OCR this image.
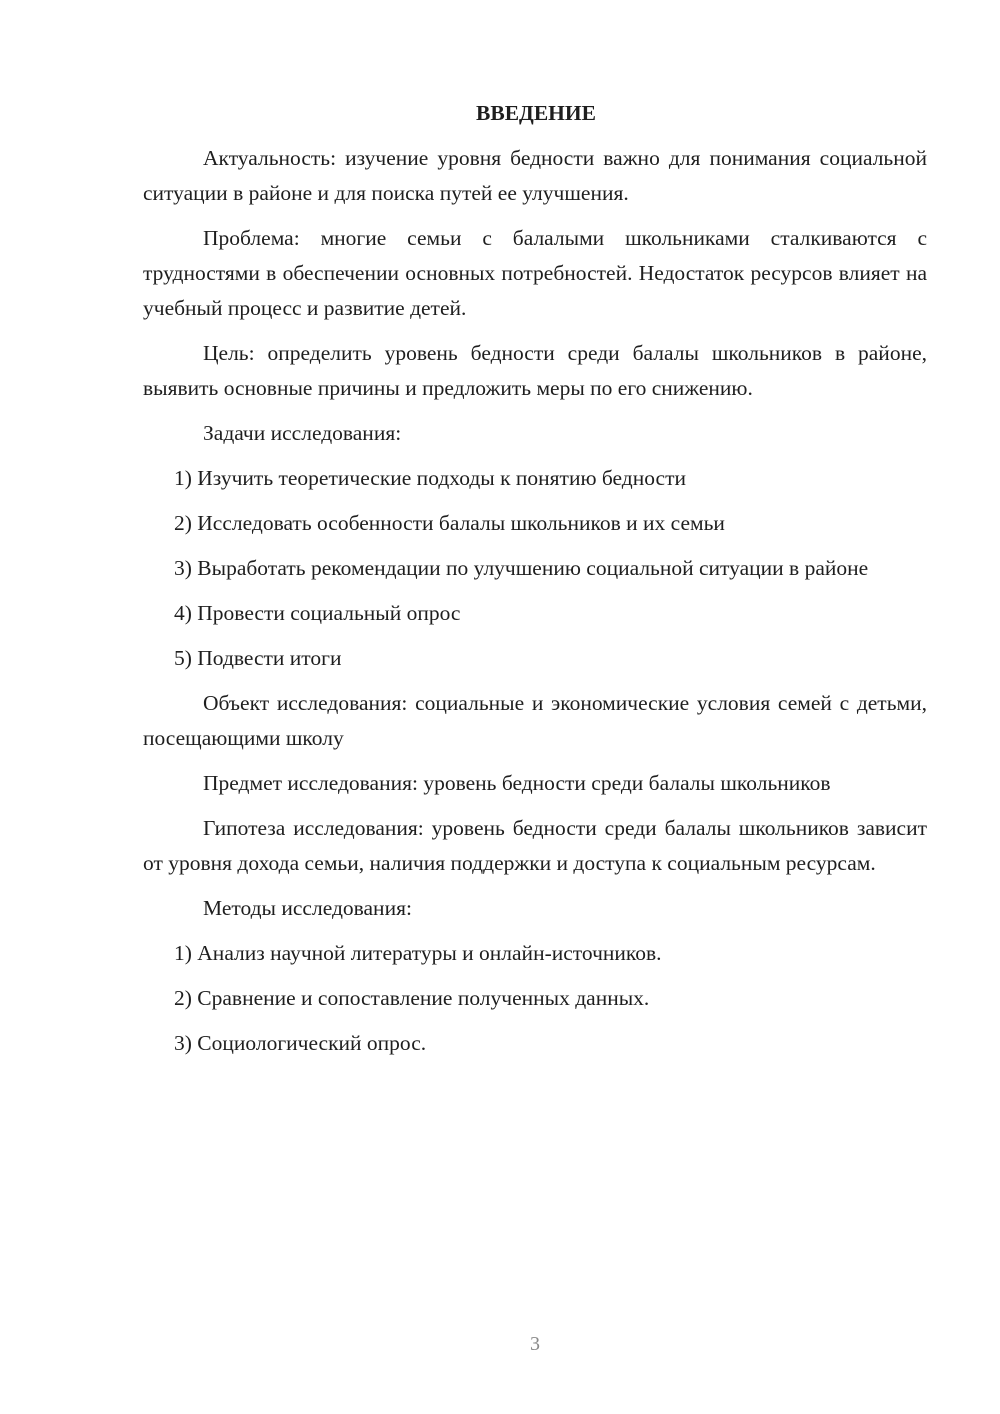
ВВЕДЕНИЕ

Актуальность: изучение уровня бедности важно для понимания социальной ситуации в районе и для поиска путей ее улучшения.

Проблема: многие семьи с балалыми школьниками сталкиваются с трудностями в обеспечении основных потребностей. Недостаток ресурсов влияет на учебный процесс и развитие детей.

Цель: определить уровень бедности среди балалы школьников в районе, выявить основные причины и предложить меры по его снижению.

Задачи исследования:

1) Изучить теоретические подходы к понятию бедности

2) Исследовать особенности балалы школьников и их семьи

3) Выработать рекомендации по улучшению социальной ситуации в районе

4) Провести социальный опрос

5) Подвести итоги

Объект исследования: социальные и экономические условия семей с детьми, посещающими школу

Предмет исследования: уровень бедности среди балалы школьников

Гипотеза исследования: уровень бедности среди балалы школьников зависит от уровня дохода семьи, наличия поддержки и доступа к социальным ресурсам.

Методы исследования:

1) Анализ научной литературы и онлайн-источников.

2) Сравнение и сопоставление полученных данных.

3) Социологический опрос.

3
